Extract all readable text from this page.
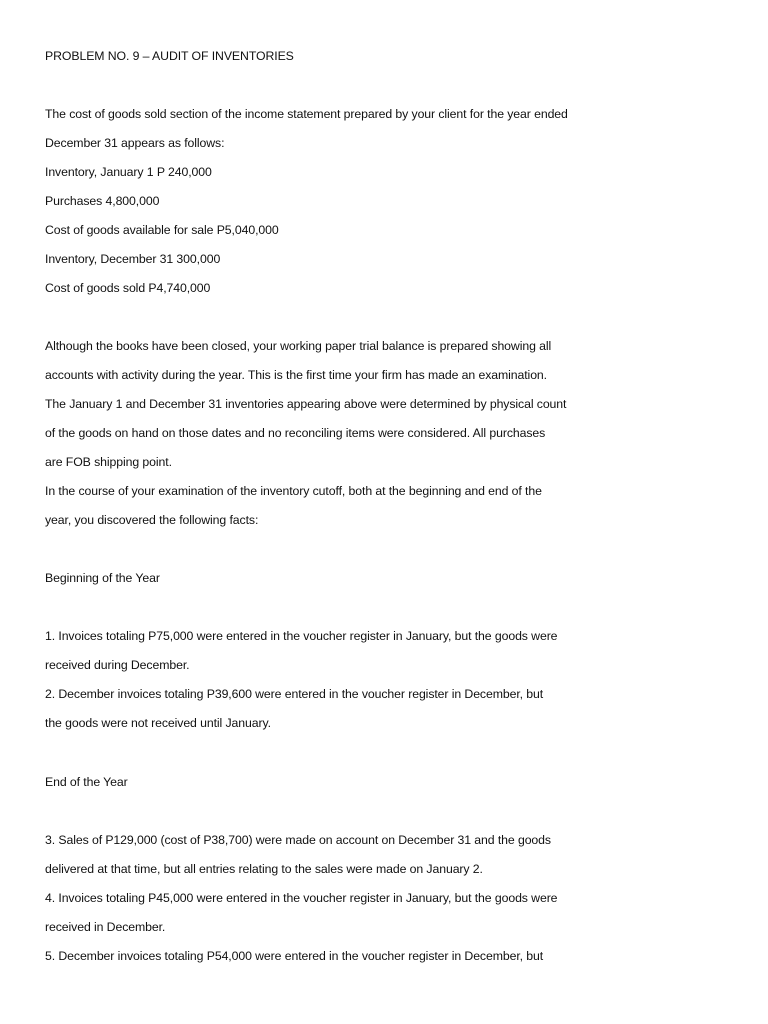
PROBLEM NO. 9 – AUDIT OF INVENTORIES
The cost of goods sold section of the income statement prepared by your client for the year ended
December 31 appears as follows:
Inventory, January 1 P 240,000
Purchases 4,800,000
Cost of goods available for sale P5,040,000
Inventory, December 31 300,000
Cost of goods sold P4,740,000
Although the books have been closed, your working paper trial balance is prepared showing all
accounts with activity during the year. This is the first time your firm has made an examination.
The January 1 and December 31 inventories appearing above were determined by physical count
of the goods on hand on those dates and no reconciling items were considered. All purchases
are FOB shipping point.
In the course of your examination of the inventory cutoff, both at the beginning and end of the
year, you discovered the following facts:
Beginning of the Year
1. Invoices totaling P75,000 were entered in the voucher register in January, but the goods were
received during December.
2. December invoices totaling P39,600 were entered in the voucher register in December, but
the goods were not received until January.
End of the Year
3. Sales of P129,000 (cost of P38,700) were made on account on December 31 and the goods
delivered at that time, but all entries relating to the sales were made on January 2.
4. Invoices totaling P45,000 were entered in the voucher register in January, but the goods were
received in December.
5. December invoices totaling P54,000 were entered in the voucher register in December, but
